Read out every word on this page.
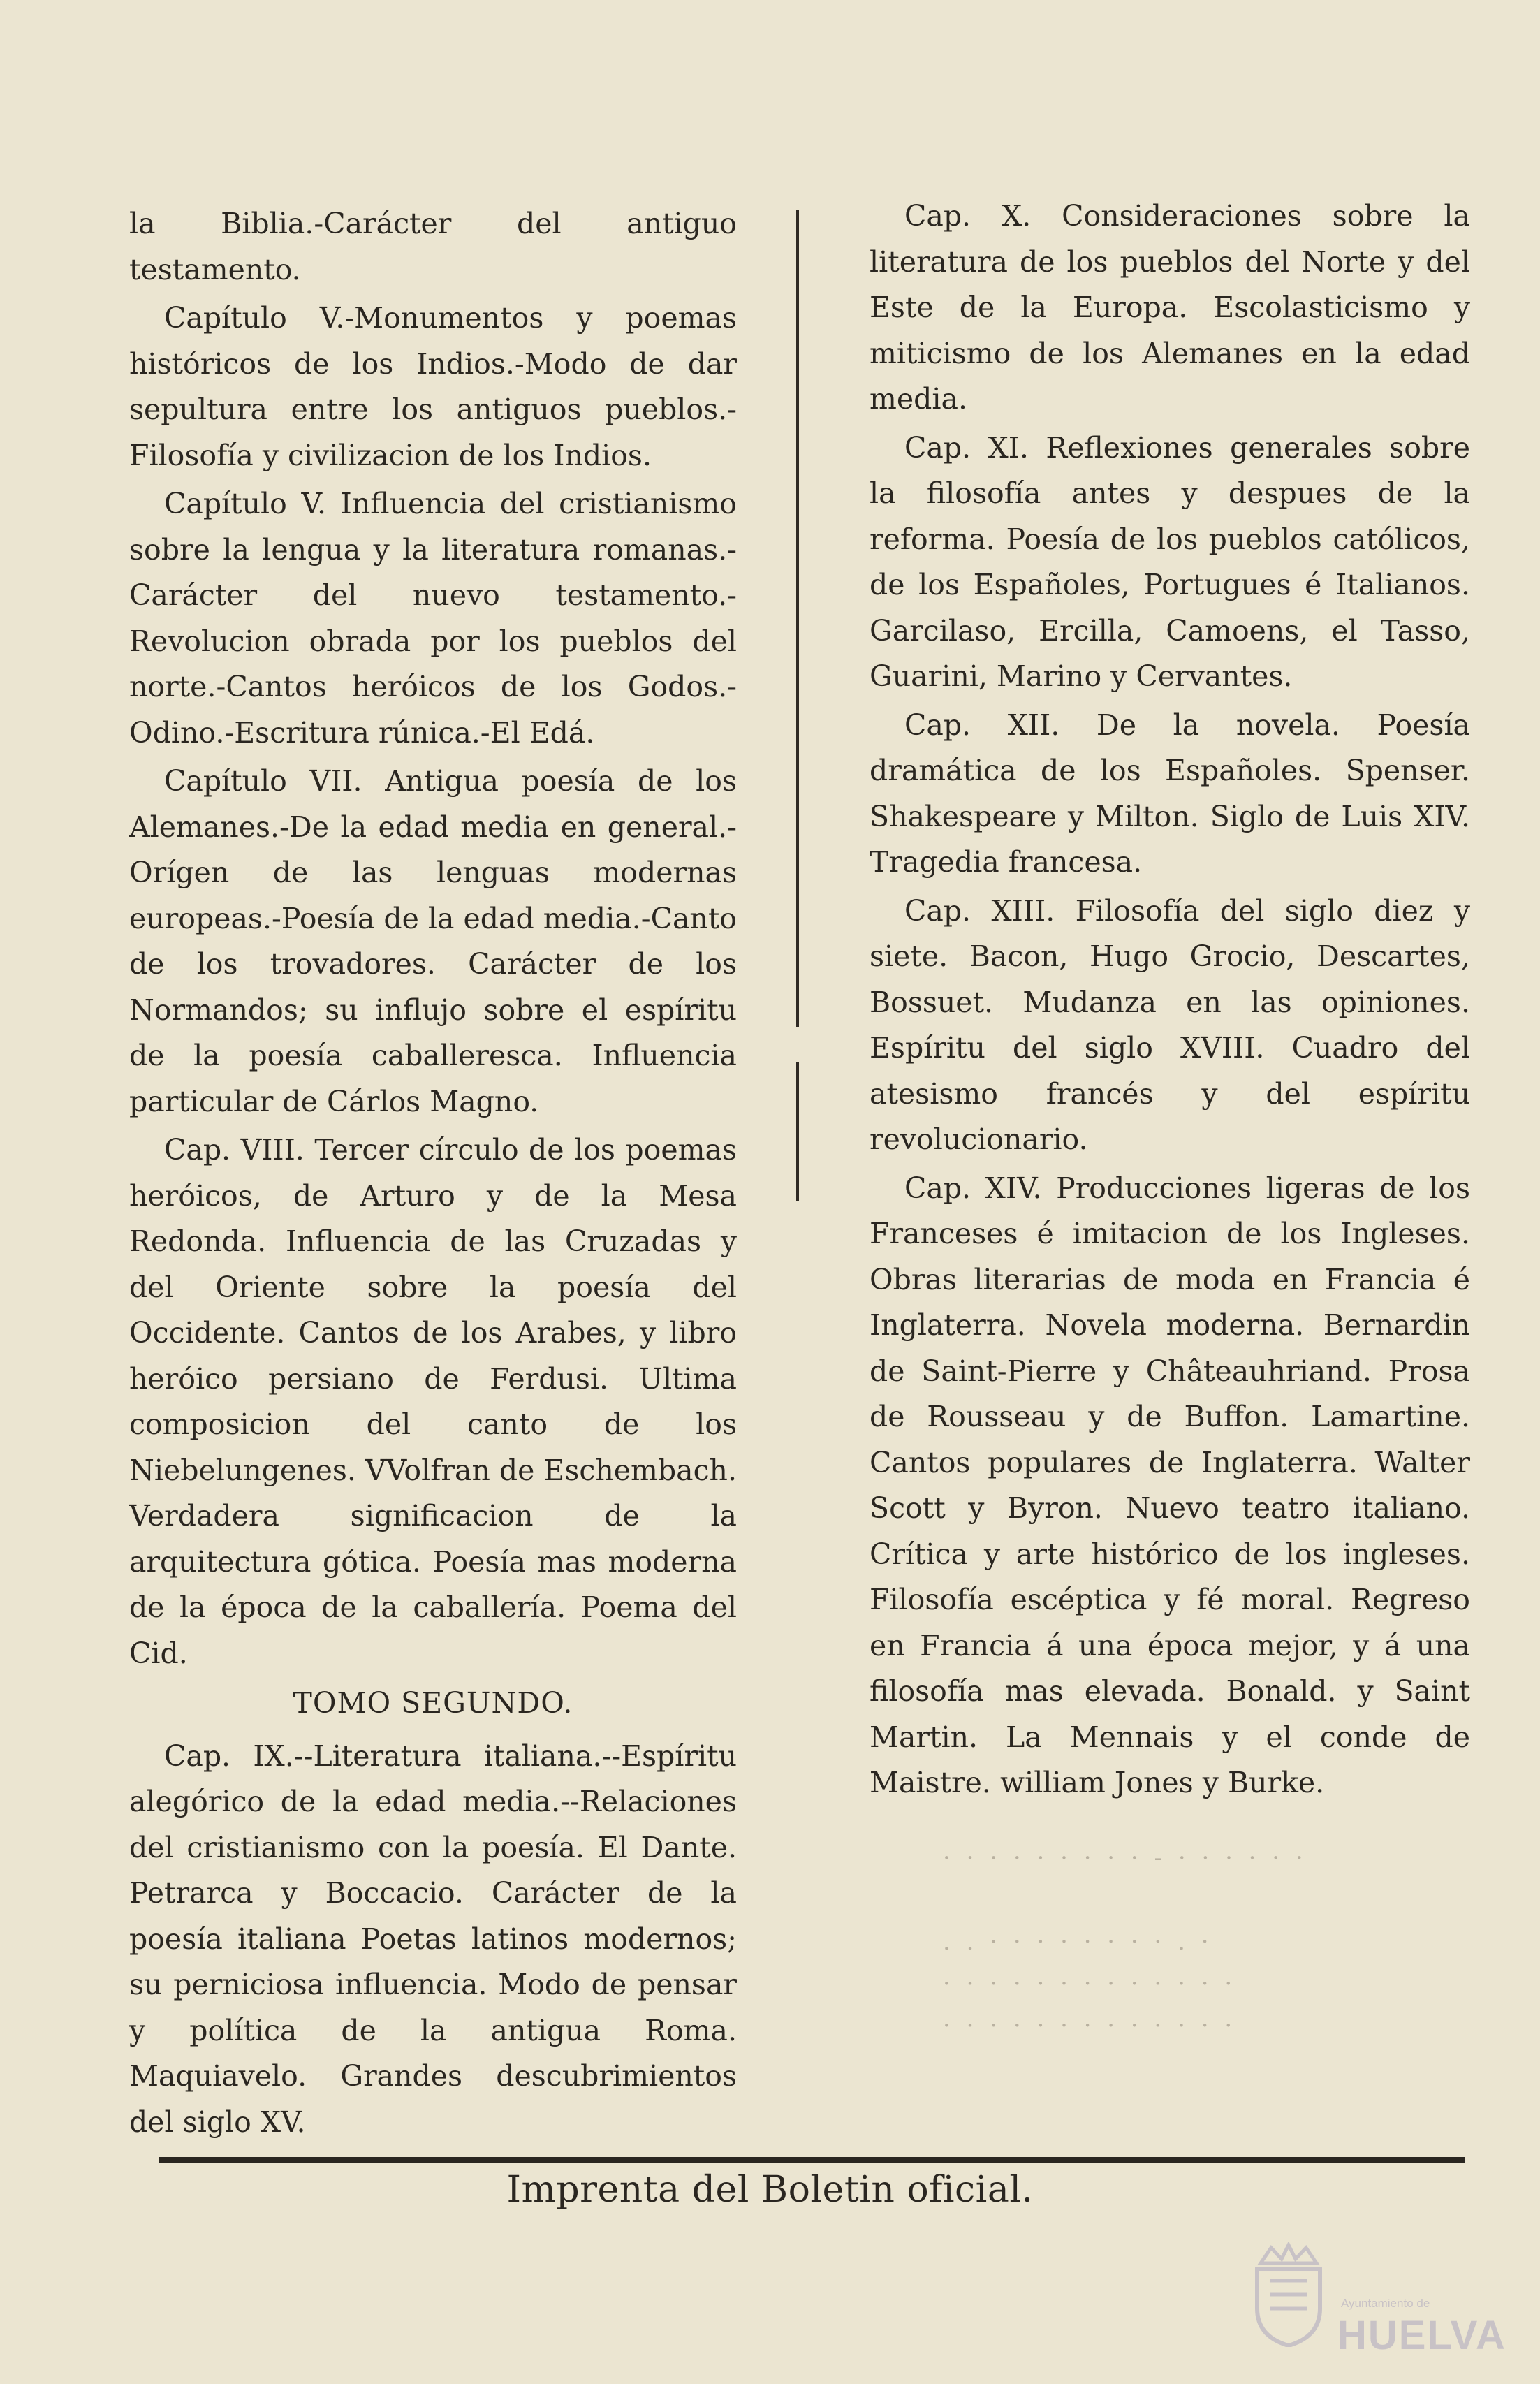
la Biblia.-Carácter del antiguo testamento.

Capítulo V.-Monumentos y poemas históricos de los Indios.-Modo de dar sepultura entre los antiguos pueblos.-Filosofía y civilizacion de los Indios.

Capítulo V. Influencia del cristianismo sobre la lengua y la literatura romanas.-Carácter del nuevo testamento.-Revolucion obrada por los pueblos del norte.-Cantos heróicos de los Godos.-Odino.-Escritura rúnica.-El Edá.

Capítulo VII. Antigua poesía de los Alemanes.-De la edad media en general.-Orígen de las lenguas modernas europeas.-Poesía de la edad media.-Canto de los trovadores. Carácter de los Normandos; su influjo sobre el espíritu de la poesía caballeresca. Influencia particular de Cárlos Magno.

Cap. VIII. Tercer círculo de los poemas heróicos, de Arturo y de la Mesa Redonda. Influencia de las Cruzadas y del Oriente sobre la poesía del Occidente. Cantos de los Arabes, y libro heróico persiano de Ferdusi. Ultima composicion del canto de los Niebelungenes. VVolfran de Eschembach. Verdadera significacion de la arquitectura gótica. Poesía mas moderna de la época de la caballería. Poema del Cid.

TOMO SEGUNDO.

Cap. IX.--Literatura italiana.--Espíritu alegórico de la edad media.--Relaciones del cristianismo con la poesía. El Dante. Petrarca y Boccacio. Carácter de la poesía italiana Poetas latinos modernos; su perniciosa influencia. Modo de pensar y política de la antigua Roma. Maquiavelo. Grandes descubrimientos del siglo XV.

Cap. X. Consideraciones sobre la literatura de los pueblos del Norte y del Este de la Europa. Escolasticismo y miticismo de los Alemanes en la edad media.

Cap. XI. Reflexiones generales sobre la filosofía antes y despues de la reforma. Poesía de los pueblos católicos, de los Españoles, Portugues é Italianos. Garcilaso, Ercilla, Camoens, el Tasso, Guarini, Marino y Cervantes.

Cap. XII. De la novela. Poesía dramática de los Españoles. Spenser. Shakespeare y Milton. Siglo de Luis XIV. Tragedia francesa.

Cap. XIII. Filosofía del siglo diez y siete. Bacon, Hugo Grocio, Descartes, Bossuet. Mudanza en las opiniones. Espíritu del siglo XVIII. Cuadro del atesismo francés y del espíritu revolucionario.

Cap. XIV. Producciones ligeras de los Franceses é imitacion de los Ingleses. Obras literarias de moda en Francia é Inglaterra. Novela moderna. Bernardin de Saint-Pierre y Châteauhriand. Prosa de Rousseau y de Buffon. Lamartine. Cantos populares de Inglaterra. Walter Scott y Byron. Nuevo teatro italiano. Crítica y arte histórico de los ingleses. Filosofía escéptica y fé moral. Regreso en Francia á una época mejor, y á una filosofía mas elevada. Bonald. y Saint Martin. La Mennais y el conde de Maistre. william Jones y Burke.

· · · · · · · · · - · · · · · ·
. . · · · · · · · · . ·
· · · · · · · · · · · · ·
· · · · · · · · · · · · ·
Imprenta del Boletin oficial.
Ayuntamiento de
HUELVA
